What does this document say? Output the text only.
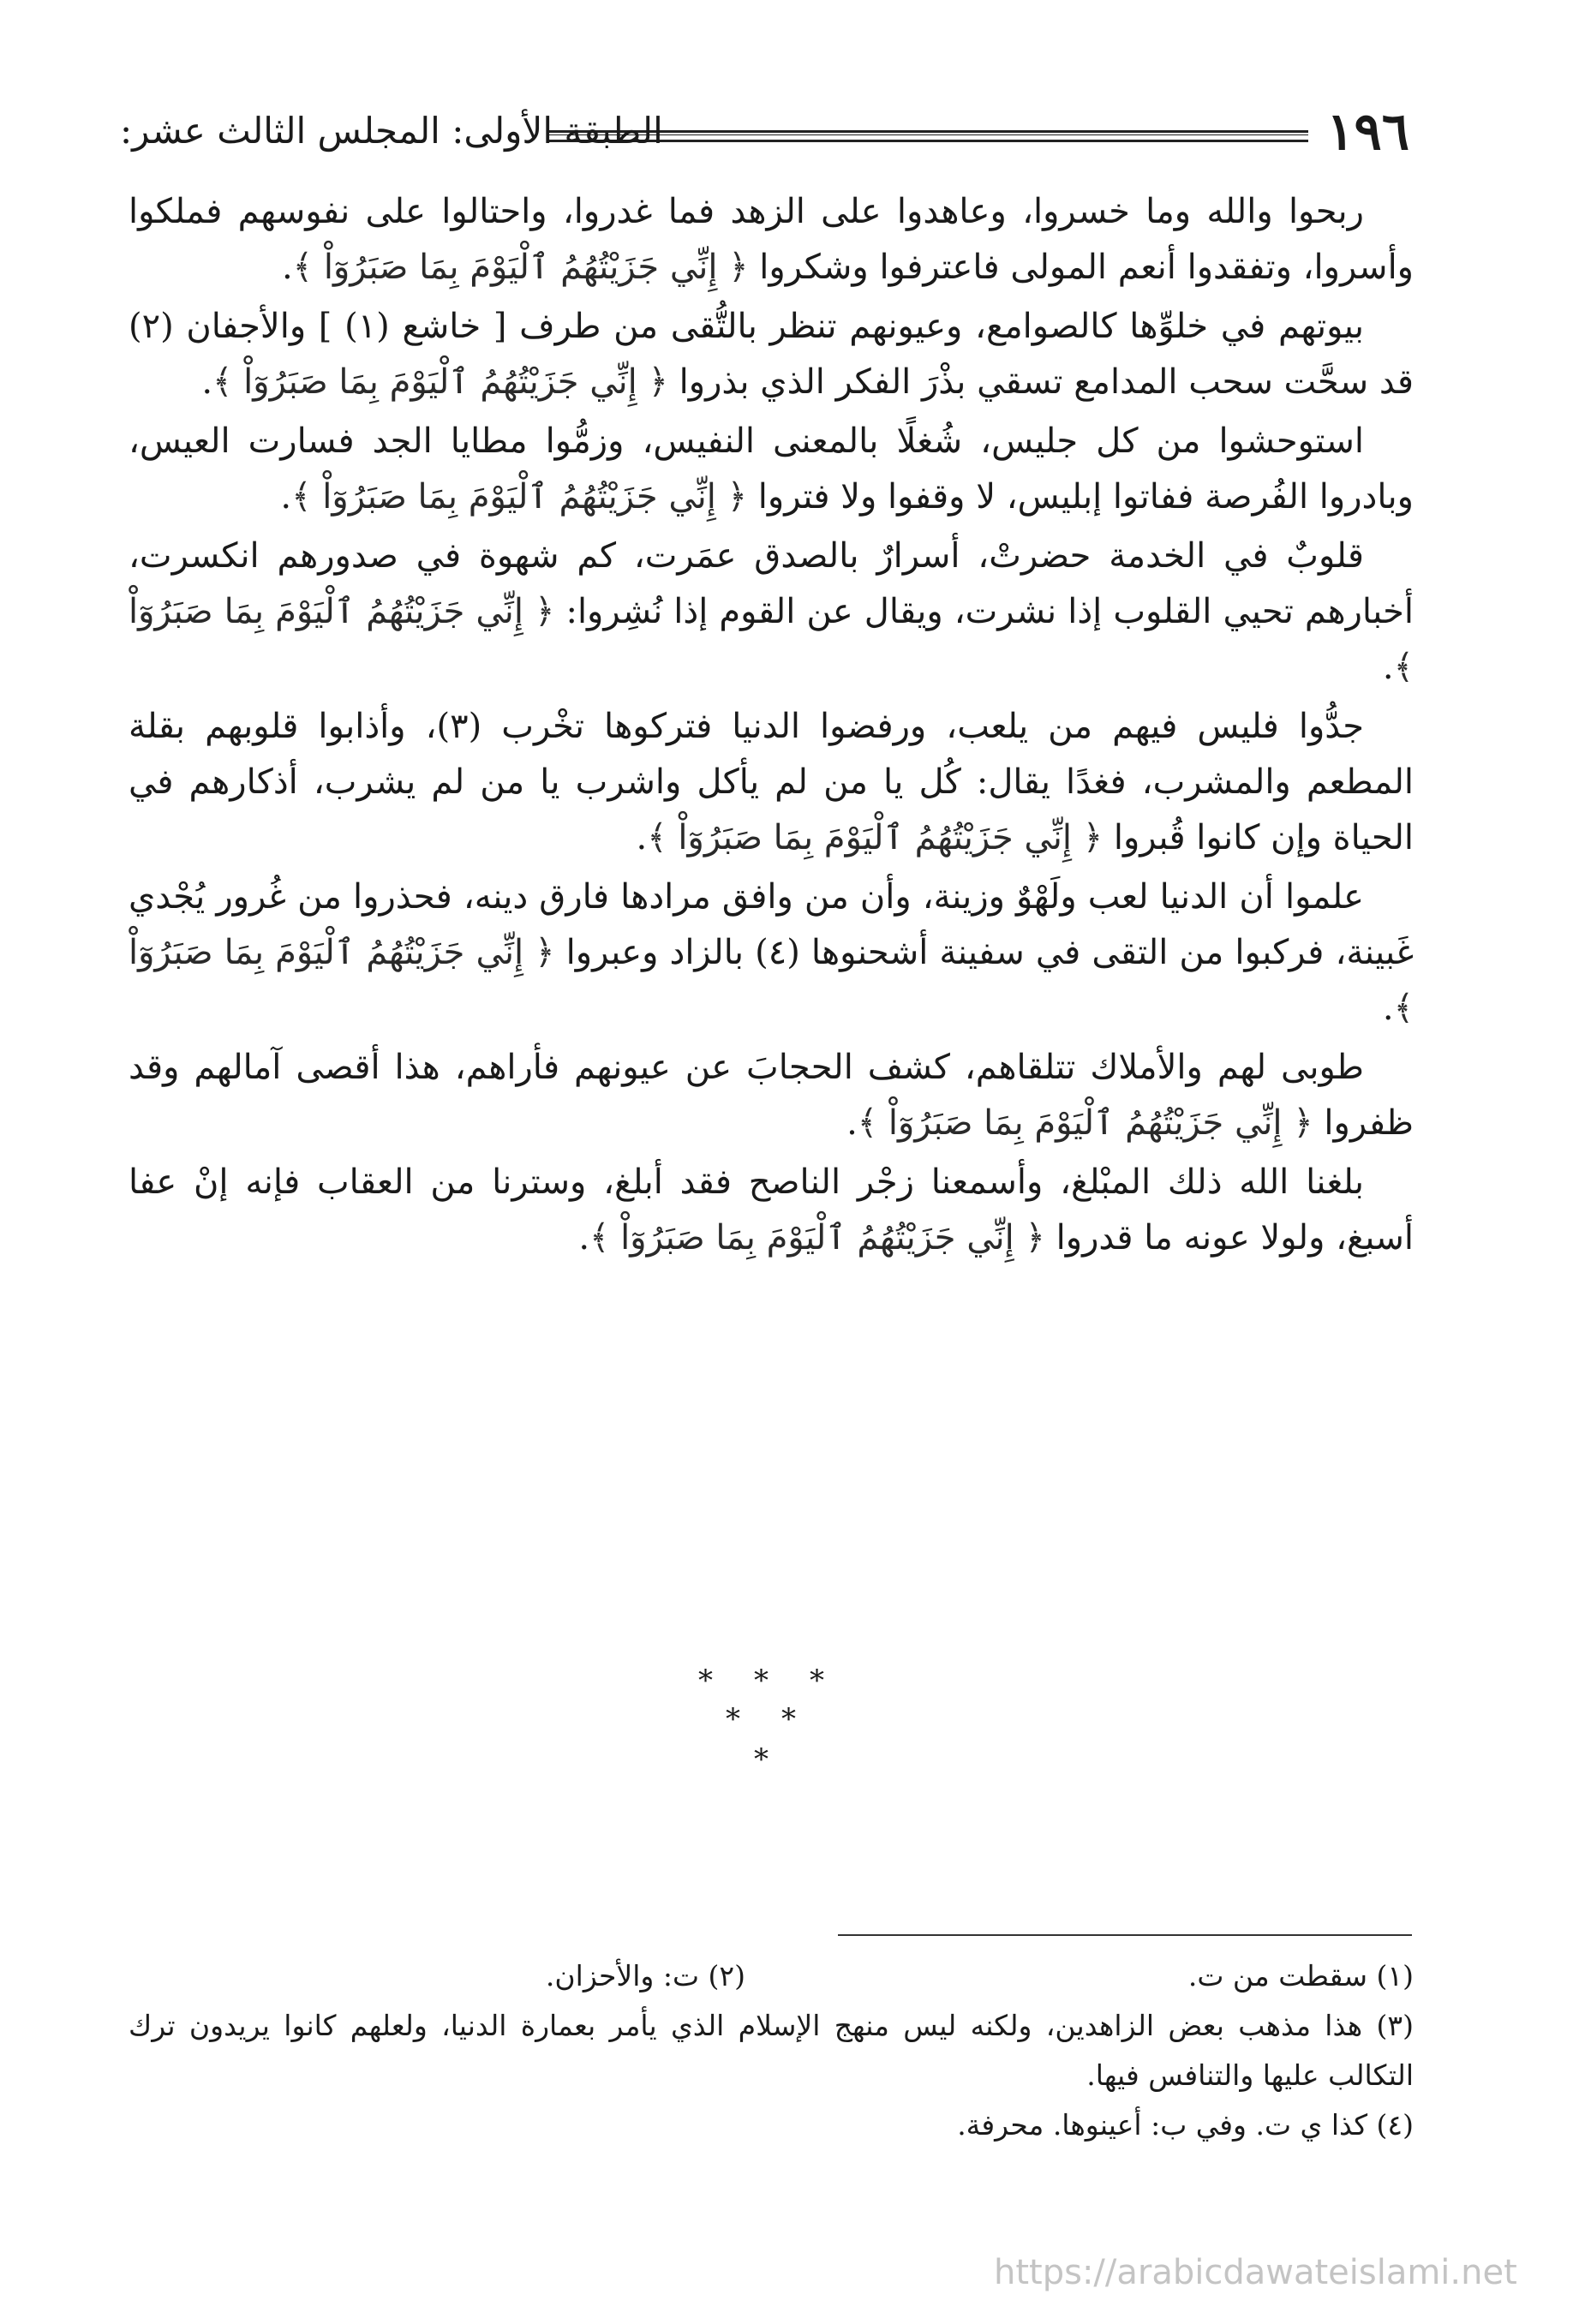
١٩٦
الطبقة الأولى: المجلس الثالث عشر:

ربحوا والله وما خسروا، وعاهدوا على الزهد فما غدروا، واحتالوا على نفوسهم فملكوا وأسروا، وتفقدوا أنعم المولى فاعترفوا وشكروا ﴿ إِنِّي جَزَيْتُهُمُ ٱلْيَوْمَ بِمَا صَبَرُوٓاْ ﴾.

بيوتهم في خلوِّها كالصوامع، وعيونهم تنظر بالتُّقى من طرف [ خاشع (١) ] والأجفان (٢) قد سحَّت سحب المدامع تسقي بذْرَ الفكر الذي بذروا ﴿ إِنِّي جَزَيْتُهُمُ ٱلْيَوْمَ بِمَا صَبَرُوٓاْ ﴾.

استوحشوا من كل جليس، شُغلًا بالمعنى النفيس، وزمُّوا مطايا الجد فسارت العيس، وبادروا الفُرصة ففاتوا إبليس، لا وقفوا ولا فتروا ﴿ إِنِّي جَزَيْتُهُمُ ٱلْيَوْمَ بِمَا صَبَرُوٓاْ ﴾.

قلوبٌ في الخدمة حضرتْ، أسرارٌ بالصدق عمَرت، كم شهوة في صدورهم انكسرت، أخبارهم تحيي القلوب إذا نشرت، ويقال عن القوم إذا نُشِروا: ﴿ إِنِّي جَزَيْتُهُمُ ٱلْيَوْمَ بِمَا صَبَرُوٓاْ ﴾.

جدُّوا فليس فيهم من يلعب، ورفضوا الدنيا فتركوها تخْرب (٣)، وأذابوا قلوبهم بقلة المطعم والمشرب، فغدًا يقال: كُل يا من لم يأكل واشرب يا من لم يشرب، أذكارهم في الحياة وإن كانوا قُبروا ﴿ إِنِّي جَزَيْتُهُمُ ٱلْيَوْمَ بِمَا صَبَرُوٓاْ ﴾.

علموا أن الدنيا لعب ولَهْوٌ وزينة، وأن من وافق مرادها فارق دينه، فحذروا من غُرور يُجْدي غَبينة، فركبوا من التقى في سفينة أشحنوها (٤) بالزاد وعبروا ﴿ إِنِّي جَزَيْتُهُمُ ٱلْيَوْمَ بِمَا صَبَرُوٓاْ ﴾.

طوبى لهم والأملاك تتلقاهم، كشف الحجابَ عن عيونهم فأراهم، هذا أقصى آمالهم وقد ظفروا ﴿ إِنِّي جَزَيْتُهُمُ ٱلْيَوْمَ بِمَا صَبَرُوٓاْ ﴾.

بلغنا الله ذلك المبْلغ، وأسمعنا زجْر الناصح فقد أبلغ، وسترنا من العقاب فإنه إنْ عفا أسبغ، ولولا عونه ما قدروا ﴿ إِنِّي جَزَيْتُهُمُ ٱلْيَوْمَ بِمَا صَبَرُوٓاْ ﴾.

* * *
* *
*
(١) سقطت من ت.
(٢) ت: والأحزان.

(٣) هذا مذهب بعض الزاهدين، ولكنه ليس منهج الإسلام الذي يأمر بعمارة الدنيا، ولعلهم كانوا يريدون ترك التكالب عليها والتنافس فيها.

(٤) كذا ي ت. وفي ب: أعينوها. محرفة.

https://arabicdawateislami.net
